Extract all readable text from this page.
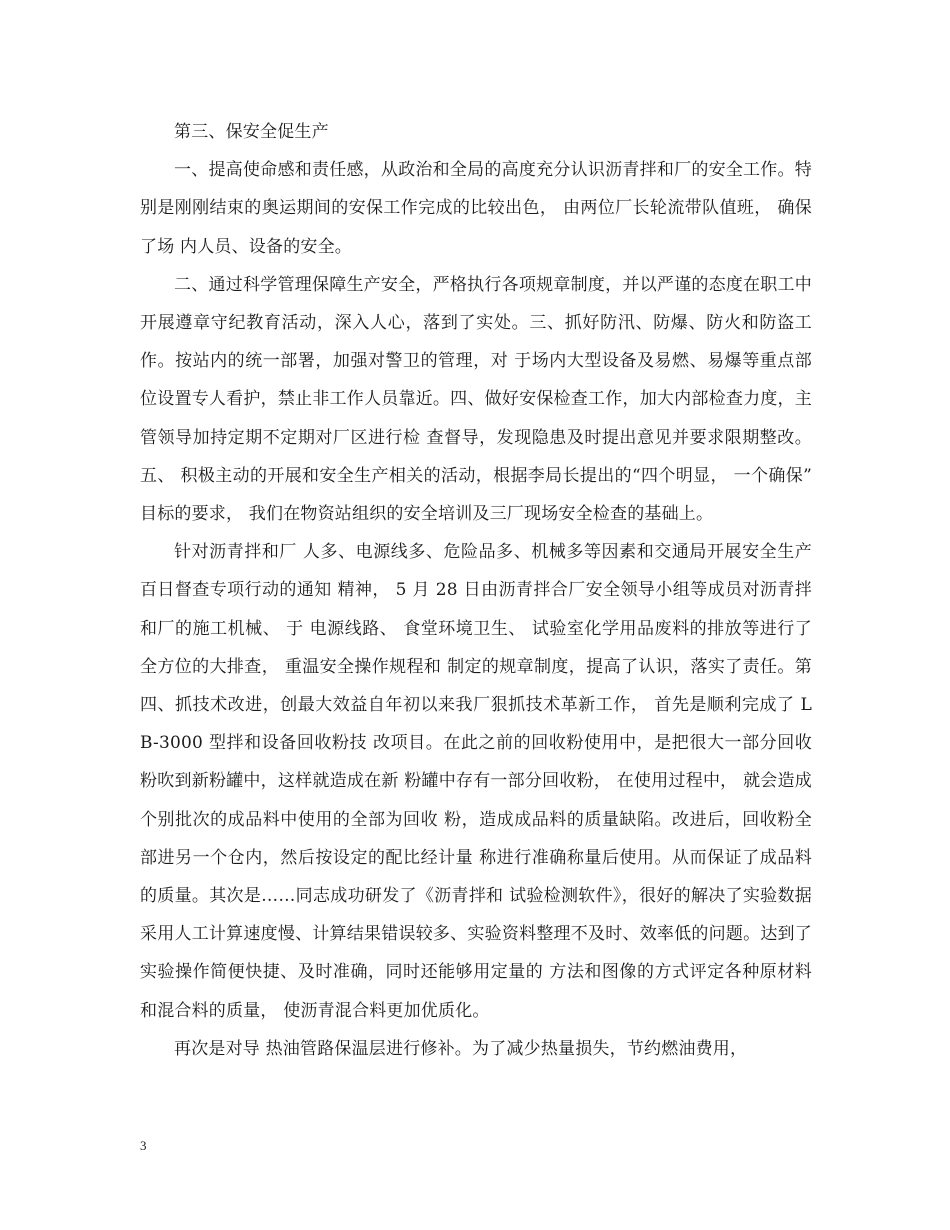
第三、保安全促生产

一、提高使命感和责任感，从政治和全局的高度充分认识沥青拌和厂的安全工作。特别是刚刚结束的奥运期间的安保工作完成的比较出色， 由两位厂长轮流带队值班， 确保了场 内人员、设备的安全。

二、通过科学管理保障生产安全，严格执行各项规章制度，并以严谨的态度在职工中 开展遵章守纪教育活动，深入人心，落到了实处。三、抓好防汛、防爆、防火和防盗工作。按站内的统一部署，加强对警卫的管理，对 于场内大型设备及易燃、易爆等重点部位设置专人看护，禁止非工作人员靠近。四、做好安保检查工作，加大内部检查力度，主管领导加持定期不定期对厂区进行检 查督导，发现隐患及时提出意见并要求限期整改。五、 积极主动的开展和安全生产相关的活动，根据李局长提出的“四个明显， 一个确保” 目标的要求， 我们在物资站组织的安全培训及三厂现场安全检查的基础上。

针对沥青拌和厂 人多、电源线多、危险品多、机械多等因素和交通局开展安全生产百日督查专项行动的通知 精神， 5 月 28 日由沥青拌合厂安全领导小组等成员对沥青拌和厂的施工机械、 于 电源线路、 食堂环境卫生、 试验室化学用品废料的排放等进行了全方位的大排查， 重温安全操作规程和 制定的规章制度，提高了认识，落实了责任。第四、抓技术改进，创最大效益自年初以来我厂狠抓技术革新工作， 首先是顺利完成了 L B-3000 型拌和设备回收粉技 改项目。在此之前的回收粉使用中，是把很大一部分回收粉吹到新粉罐中，这样就造成在新 粉罐中存有一部分回收粉， 在使用过程中， 就会造成个别批次的成品料中使用的全部为回收 粉，造成成品料的质量缺陷。改进后，回收粉全部进另一个仓内，然后按设定的配比经计量 称进行准确称量后使用。从而保证了成品料的质量。其次是……同志成功研发了《沥青拌和 试验检测软件》，很好的解决了实验数据采用人工计算速度慢、计算结果错误较多、实验资料整理不及时、效率低的问题。达到了实验操作简便快捷、及时准确，同时还能够用定量的 方法和图像的方式评定各种原材料和混合料的质量， 使沥青混合料更加优质化。

再次是对导 热油管路保温层进行修补。为了减少热量损失，节约燃油费用，

3
